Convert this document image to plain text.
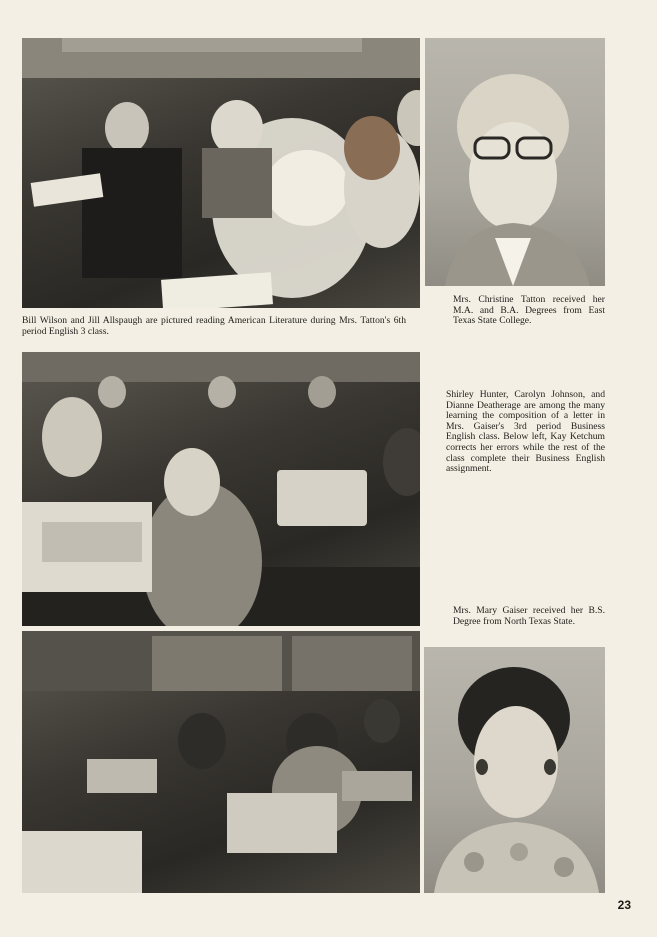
Bill Wilson and Jill Allspaugh are pictured reading American Literature during Mrs. Tatton's 6th period English 3 class.
Mrs. Christine Tatton received her M.A. and B.A. Degrees from East Texas State College.
Shirley Hunter, Carolyn Johnson, and Dianne Deatherage are among the many learning the composition of a letter in Mrs. Gaiser's 3rd period Business English class. Below left, Kay Ketchum corrects her errors while the rest of the class complete their Business English assignment.
Mrs. Mary Gaiser received her B.S. Degree from North Texas State.
23
